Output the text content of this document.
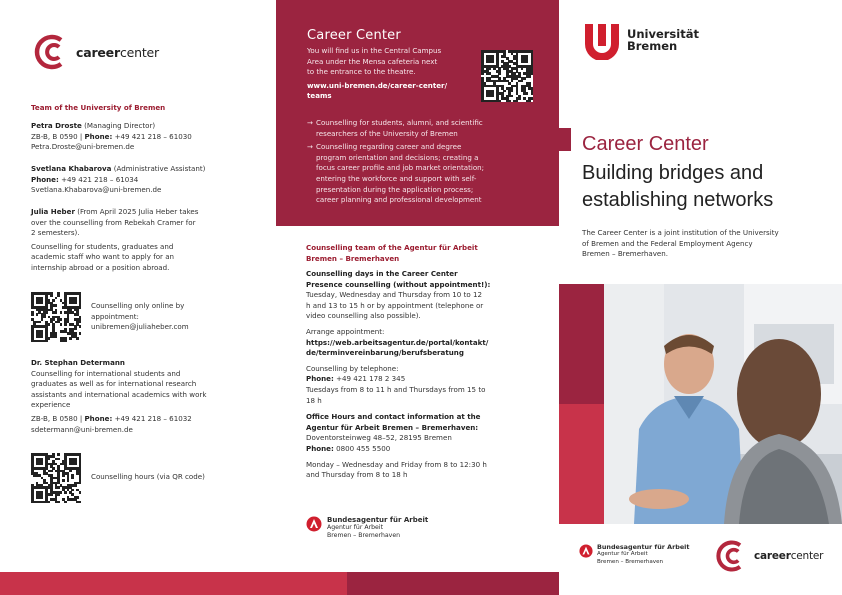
careercenter
Team of the University of Bremen
Petra Droste (Managing Director)
ZB-B, B 0590 | Phone: +49 421 218 – 61030
Petra.Droste@uni-bremen.de
Svetlana Khabarova (Administrative Assistant)
Phone: +49 421 218 – 61034
Svetlana.Khabarova@uni-bremen.de
Julia Heber (From April 2025 Julia Heber takes
over the counselling from Rebekah Cramer for
2 semesters).
Counselling for students, graduates and
academic staff who want to apply for an
internship abroad or a position abroad.
Counselling only online by
appointment:
unibremen@juliaheber.com
Dr. Stephan Determann
Counselling for international students and
graduates as well as for international research
assistants and international academics with work
experience
ZB-B, B 0580 | Phone: +49 421 218 – 61032
sdetermann@uni-bremen.de
Counselling hours (via QR code)
Career Center
You will find us in the Central Campus
Area under the Mensa cafeteria next
to the entrance to the theatre.
www.uni-bremen.de/career-center/
teams
→ Counselling for students, alumni, and scientific
researchers of the University of Bremen
→ Counselling regarding career and degree
program orientation and decisions; creating a
focus career profile and job market orientation;
entering the workforce and support with self-
presentation during the application process;
career planning and professional development
Counselling team of the Agentur für Arbeit
Bremen – Bremerhaven
Counselling days in the Career Center
Presence counselling (without appointment!):
Tuesday, Wednesday and Thursday from 10 to 12
h and 13 to 15 h or by appointment (telephone or
video counselling also possible).
Arrange appointment:
https://web.arbeitsagentur.de/portal/kontakt/
de/terminvereinbarung/berufsberatung
Counselling by telephone:
Phone: +49 421 178 2 345
Tuesdays from 8 to 11 h and Thursdays from 15 to
18 h
Office Hours and contact information at the
Agentur für Arbeit Bremen – Bremerhaven:
Doventorsteinweg 48–52, 28195 Bremen
Phone: 0800 455 5500
Monday – Wednesday and Friday from 8 to 12:30 h
and Thursday from 8 to 18 h
Bundesagentur für Arbeit
Agentur für Arbeit
Bremen – Bremerhaven
Universität
Bremen
Career Center
Building bridges and
establishing networks
The Career Center is a joint institution of the University
of Bremen and the Federal Employment Agency
Bremen – Bremerhaven.
Bundesagentur für Arbeit
Agentur für Arbeit
Bremen – Bremerhaven	careercenter
